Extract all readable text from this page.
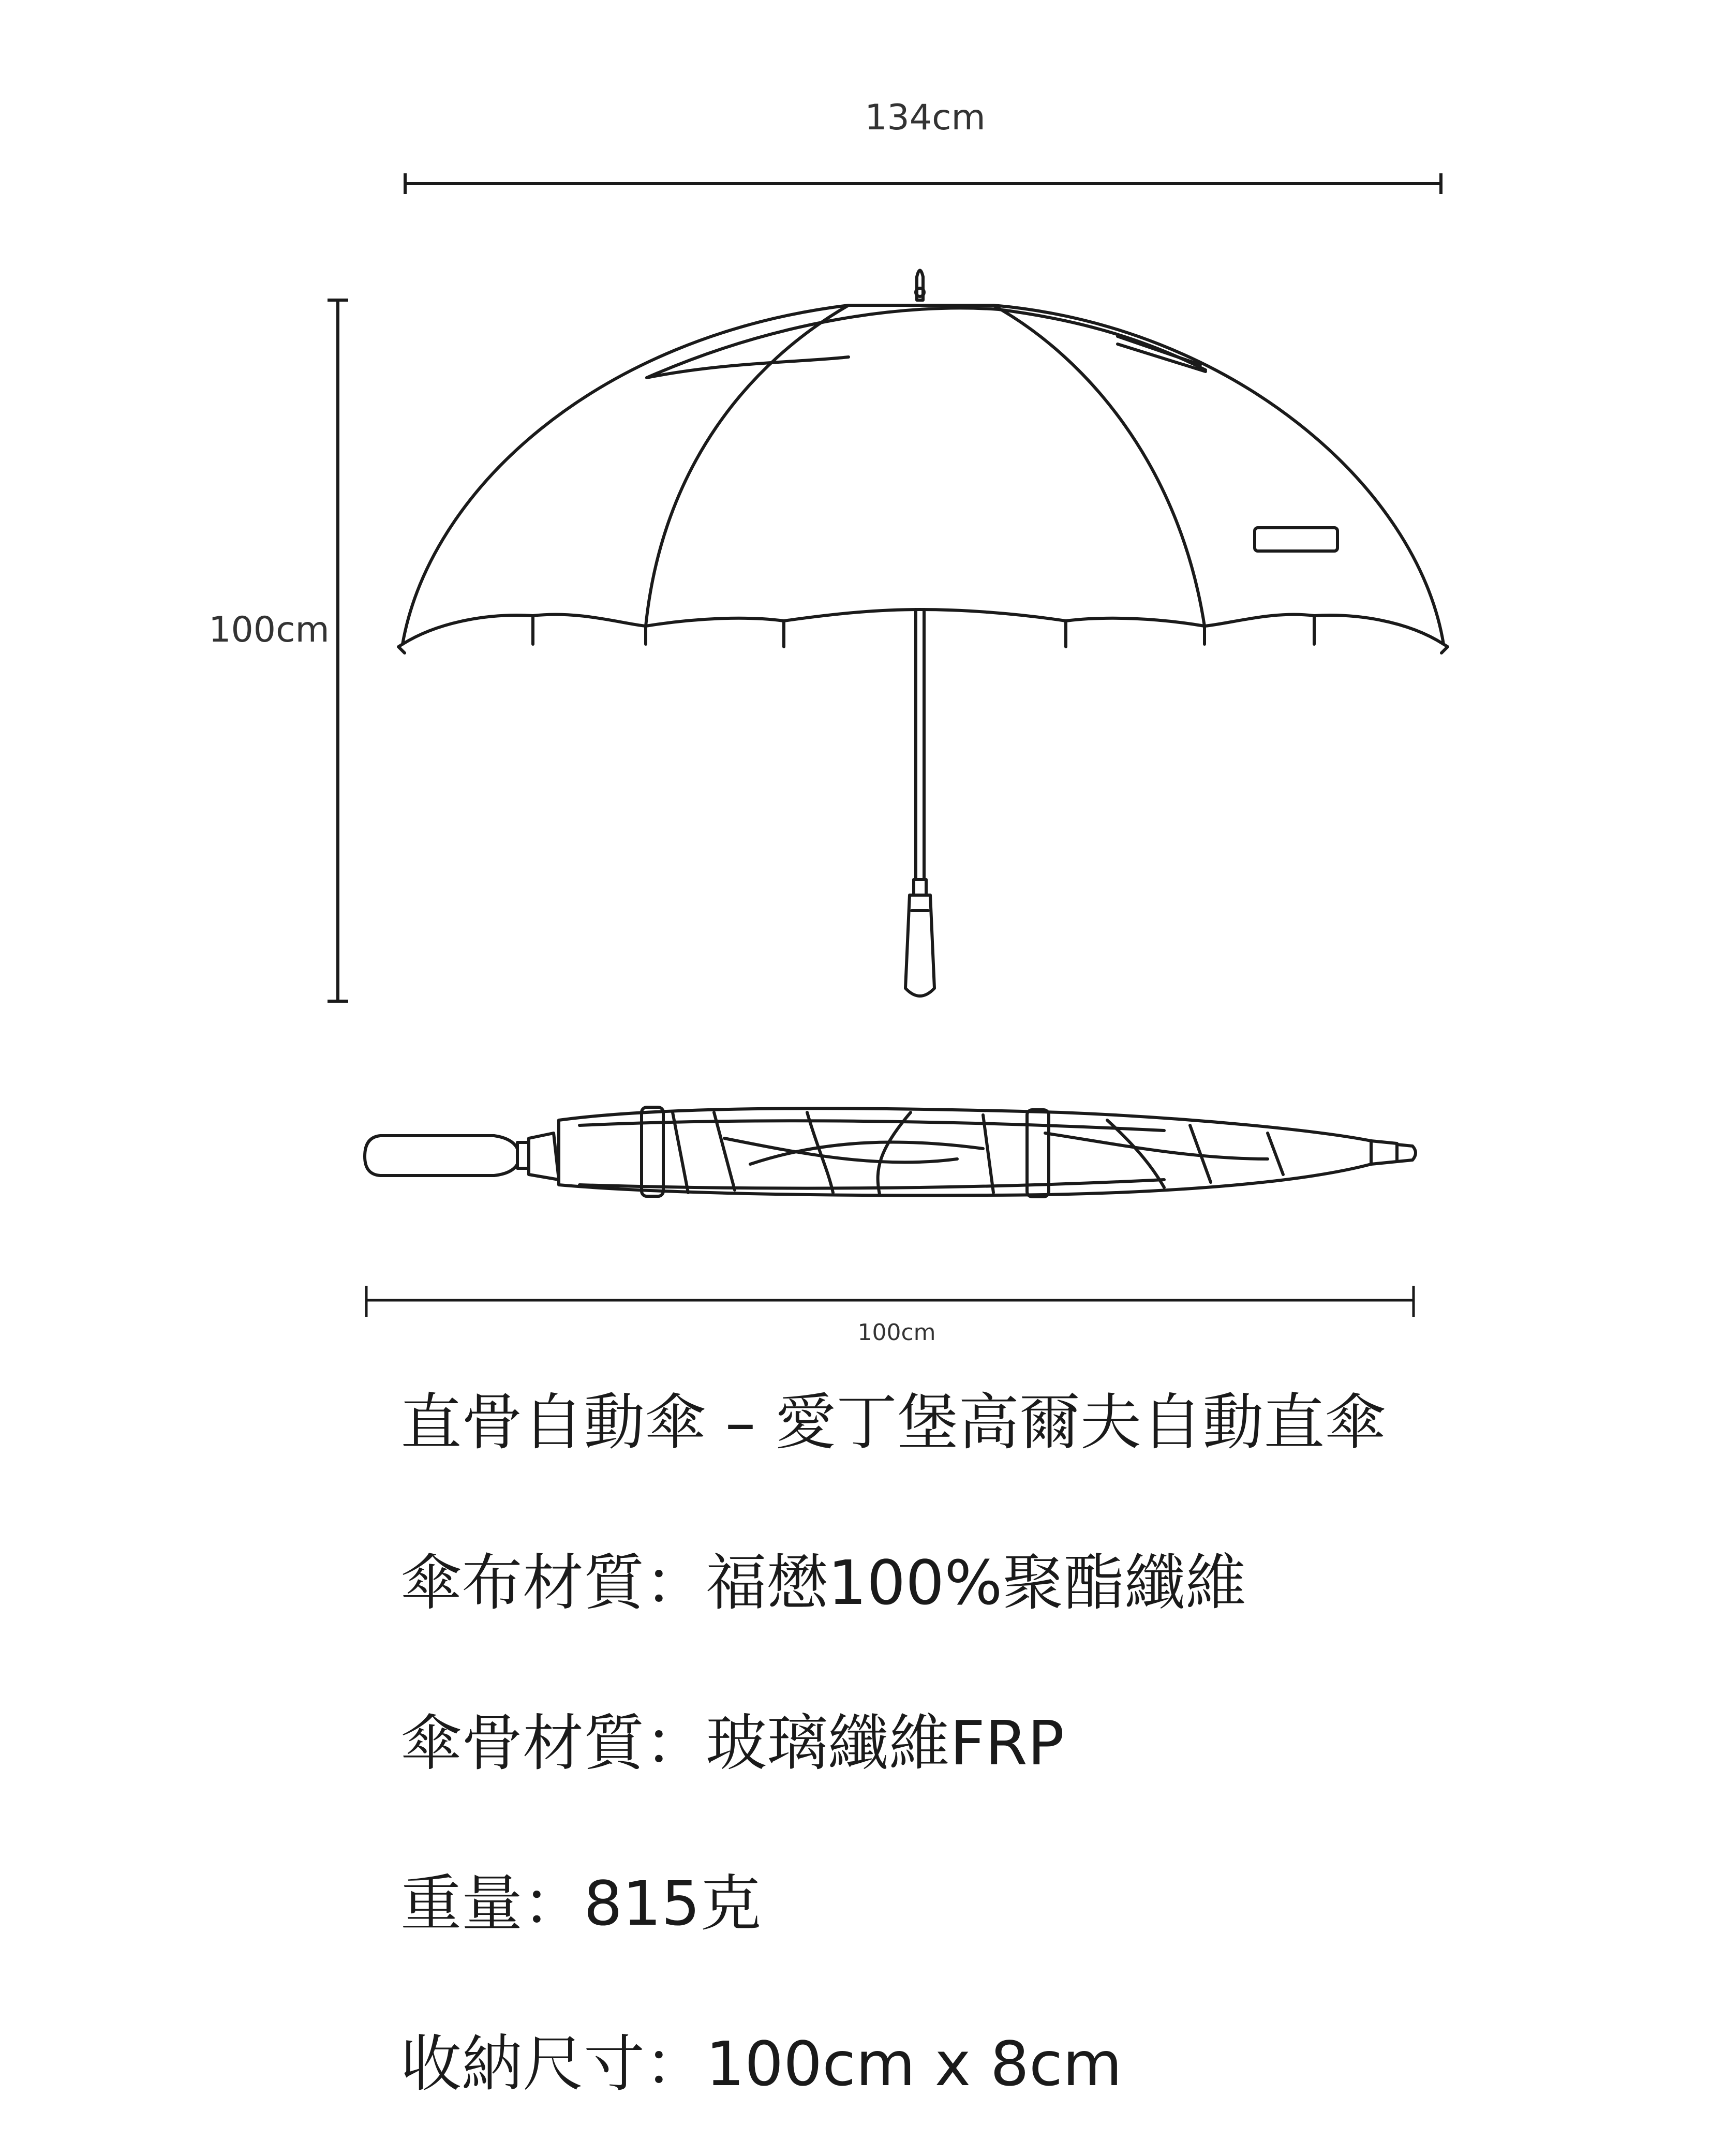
134cm
100cm
100cm

直骨自動傘 – 愛丁堡高爾夫自動直傘

傘布材質：福懋100%聚酯纖維

傘骨材質：玻璃纖維FRP

重量：815克

收納尺寸：100cm x 8cm
